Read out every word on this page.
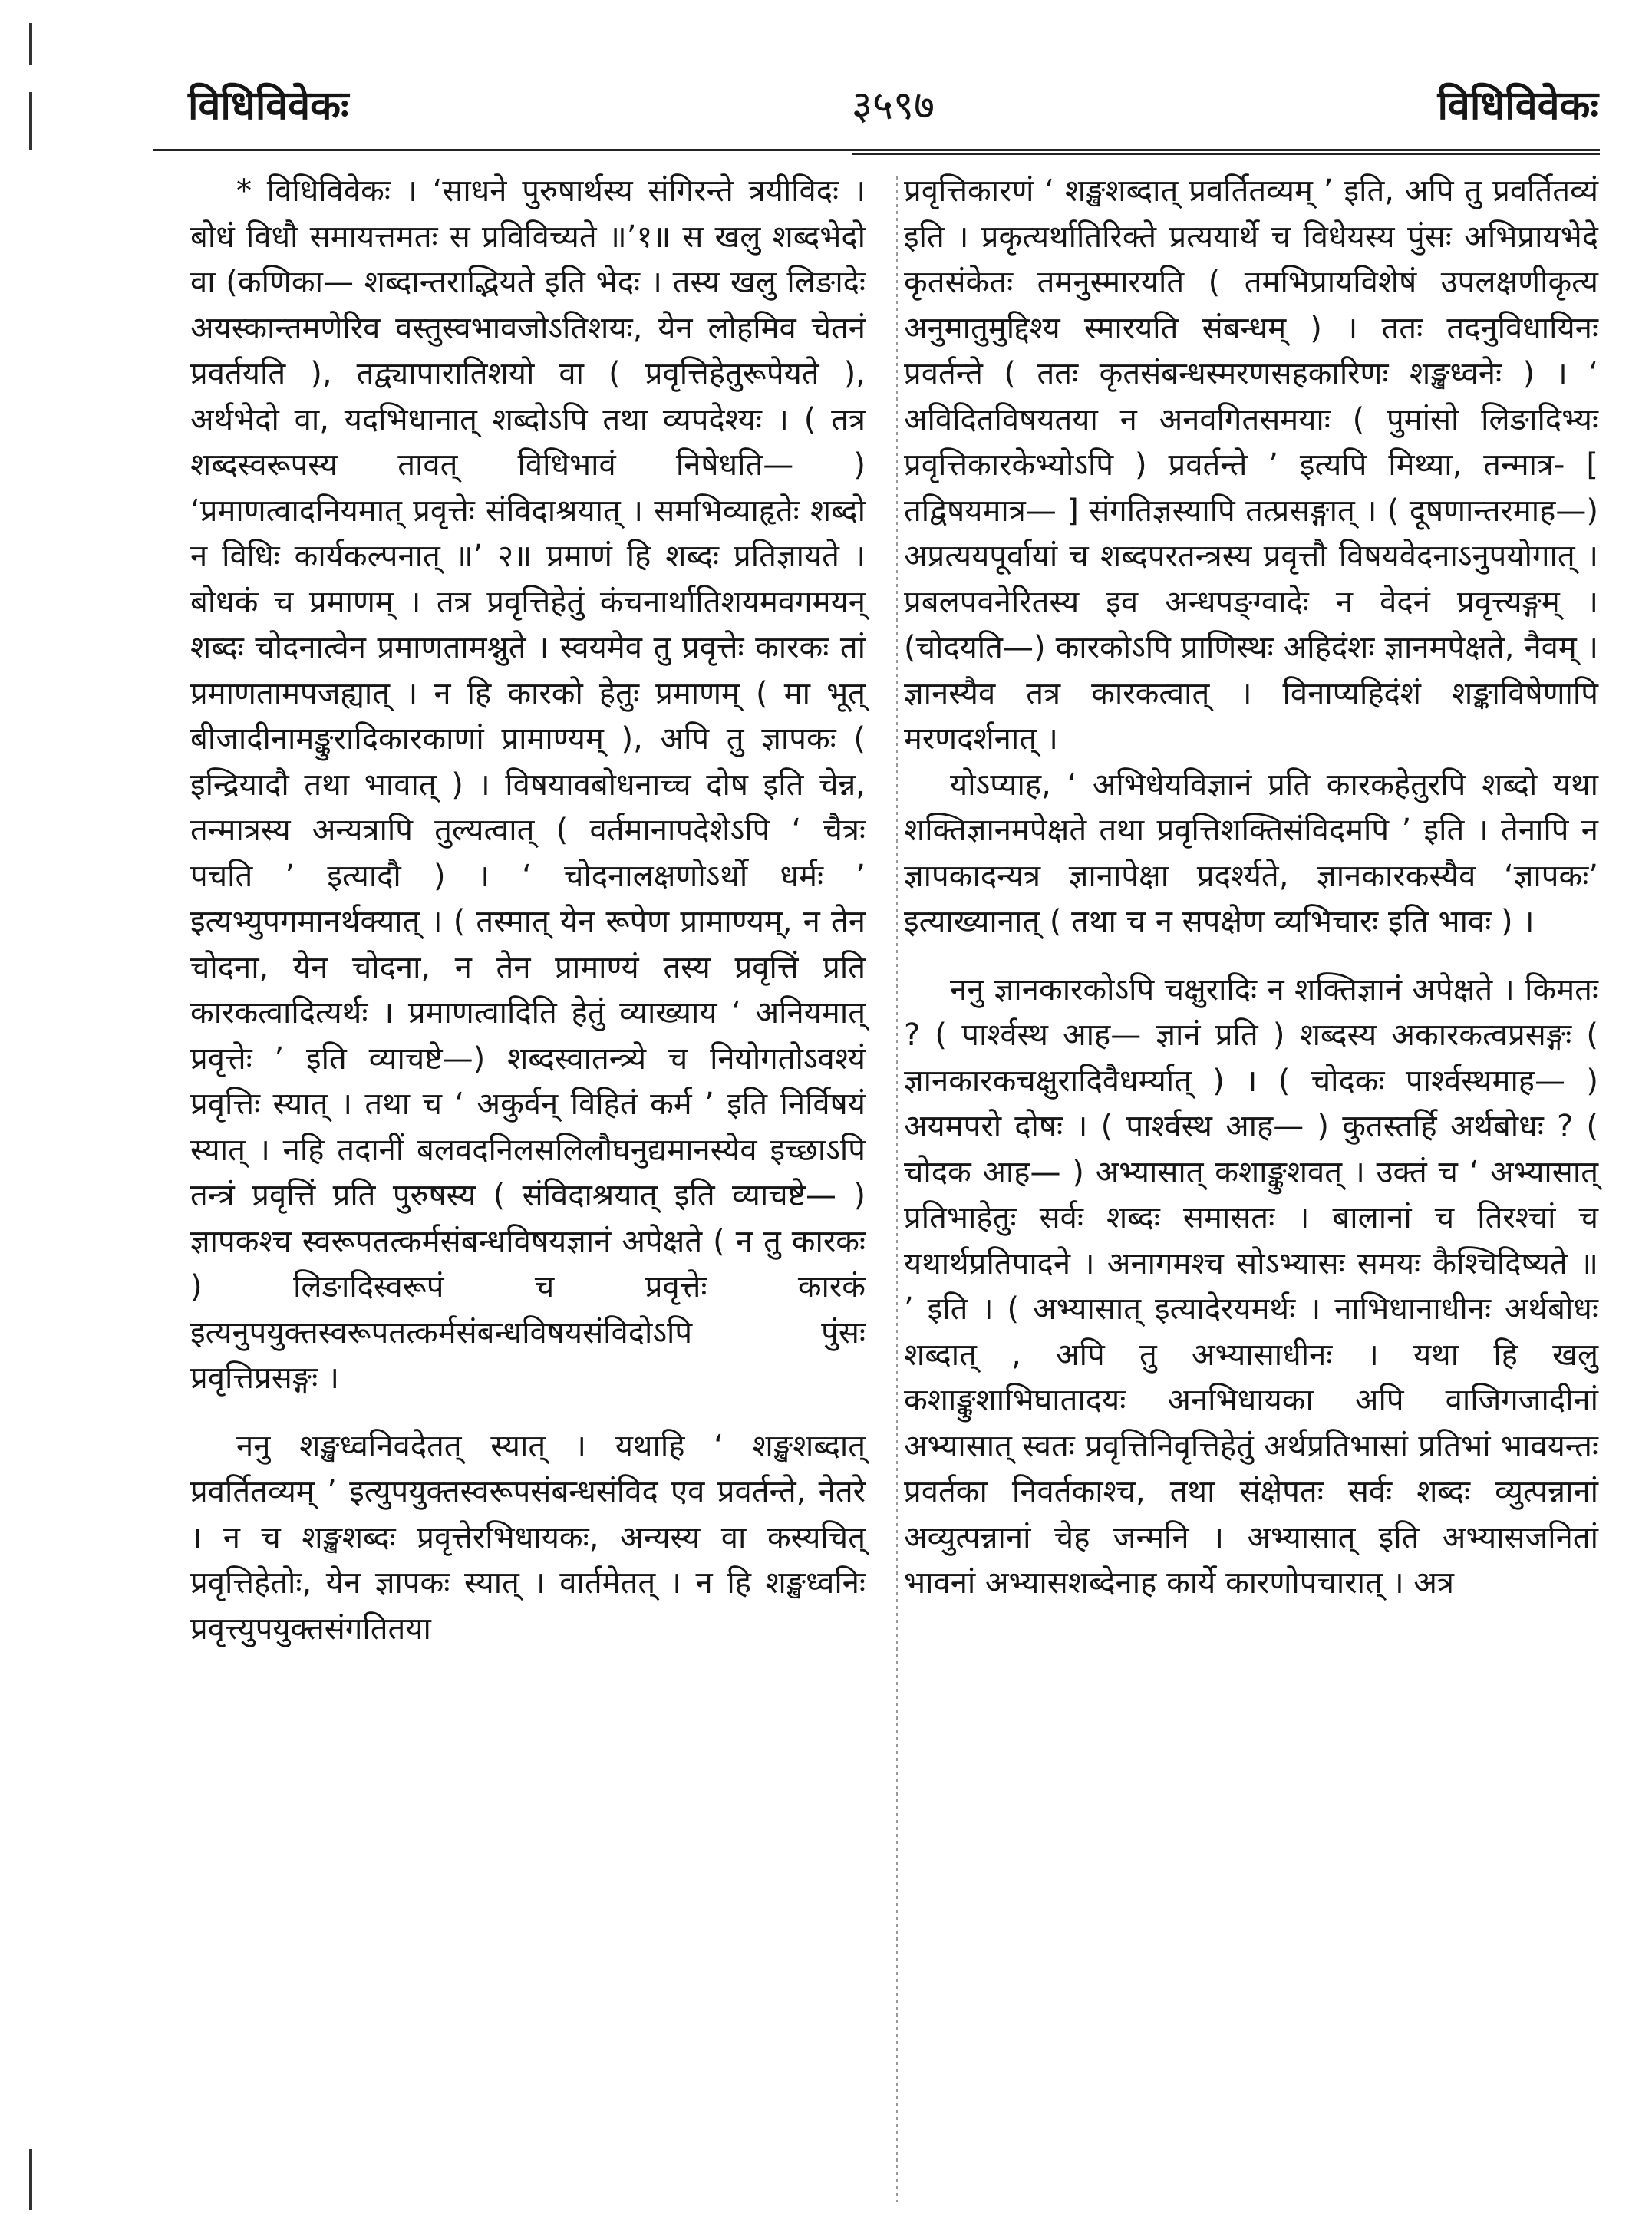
३५९७
विधिविवेकः	विधिविवेकः

* विधिविवेकः । ‘साधने पुरुषार्थस्य संगिरन्ते त्रयीविदः । बोधं विधौ समायत्तमतः स प्रविविच्यते ॥’१॥ स खलु शब्दभेदो वा (कणिका— शब्दान्तराद्भियते इति भेदः । तस्य खलु लिङादेः अयस्कान्तमणेरिव वस्तुस्वभावजोऽतिशयः, येन लोहमिव चेतनं प्रवर्तयति ), तद्व्यापारातिशयो वा ( प्रवृत्तिहेतुरूपेयते ), अर्थभेदो वा, यदभिधानात् शब्दोऽपि तथा व्यपदेश्यः । ( तत्र शब्दस्वरूपस्य तावत् विधिभावं निषेधति— ) ‘प्रमाणत्वादनियमात् प्रवृत्तेः संविदाश्रयात् । समभिव्याहृतेः शब्दो न विधिः कार्यकल्पनात् ॥’ २॥ प्रमाणं हि शब्दः प्रतिज्ञायते । बोधकं च प्रमाणम् । तत्र प्रवृत्तिहेतुं कंचनार्थातिशयमवगमयन् शब्दः चोदनात्वेन प्रमाणतामश्नुते । स्वयमेव तु प्रवृत्तेः कारकः तां प्रमाणतामपजह्यात् । न हि कारको हेतुः प्रमाणम् ( मा भूत् बीजादीनामङ्कुरादिकारकाणां प्रामाण्यम् ), अपि तु ज्ञापकः ( इन्द्रियादौ तथा भावात् ) । विषयावबोधनाच्च दोष इति चेन्न, तन्मात्रस्य अन्यत्रापि तुल्यत्वात् ( वर्तमानापदेशेऽपि ‘ चैत्रः पचति ’ इत्यादौ ) । ‘ चोदनालक्षणोऽर्थो धर्मः ’ इत्यभ्युपगमानर्थक्यात् । ( तस्मात् येन रूपेण प्रामाण्यम्, न तेन चोदना, येन चोदना, न तेन प्रामाण्यं तस्य प्रवृत्तिं प्रति कारकत्वादित्यर्थः । प्रमाणत्वादिति हेतुं व्याख्याय ‘ अनियमात् प्रवृत्तेः ’ इति व्याचष्टे—) शब्दस्वातन्त्र्ये च नियोगतोऽवश्यं प्रवृत्तिः स्यात् । तथा च ‘ अकुर्वन् विहितं कर्म ’ इति निर्विषयं स्यात् । नहि तदानीं बलवदनिलसलिलौघनुद्यमानस्येव इच्छाऽपि तन्त्रं प्रवृत्तिं प्रति पुरुषस्य ( संविदाश्रयात् इति व्याचष्टे— ) ज्ञापकश्च स्वरूपतत्कर्मसंबन्धविषयज्ञानं अपेक्षते ( न तु कारकः ) लिङादिस्वरूपं च प्रवृत्तेः कारकं इत्यनुपयुक्तस्वरूपतत्कर्मसंबन्धविषयसंविदोऽपि पुंसः प्रवृत्तिप्रसङ्गः ।

ननु शङ्खध्वनिवदेतत् स्यात् । यथाहि ‘ शङ्खशब्दात् प्रवर्तितव्यम् ’ इत्युपयुक्तस्वरूपसंबन्धसंविद एव प्रवर्तन्ते, नेतरे । न च शङ्खशब्दः प्रवृत्तेरभिधायकः, अन्यस्य वा कस्यचित् प्रवृत्तिहेतोः, येन ज्ञापकः स्यात् । वार्तमेतत् । न हि शङ्खध्वनिः प्रवृत्त्युपयुक्तसंगतितया

प्रवृत्तिकारणं ‘ शङ्खशब्दात् प्रवर्तितव्यम् ’ इति, अपि तु प्रवर्तितव्यं इति । प्रकृत्यर्थातिरिक्ते प्रत्ययार्थे च विधेयस्य पुंसः अभिप्रायभेदे कृतसंकेतः तमनुस्मारयति ( तमभिप्रायविशेषं उपलक्षणीकृत्य अनुमातुमुद्दिश्य स्मारयति संबन्धम् ) । ततः तदनुविधायिनः प्रवर्तन्ते ( ततः कृतसंबन्धस्मरणसहकारिणः शङ्खध्वनेः ) । ‘ अविदितविषयतया न अनवगितसमयाः ( पुमांसो लिङादिभ्यः प्रवृत्तिकारकेभ्योऽपि ) प्रवर्तन्ते ’ इत्यपि मिथ्या, तन्मात्र- [ तद्विषयमात्र— ] संगतिज्ञस्यापि तत्प्रसङ्गात् । ( दूषणान्तरमाह—) अप्रत्ययपूर्वायां च शब्दपरतन्त्रस्य प्रवृत्तौ विषयवेदनाऽनुपयोगात् । प्रबलपवनेरितस्य इव अन्धपङ्ग्वादेः न वेदनं प्रवृत्त्यङ्गम् । (चोदयति—) कारकोऽपि प्राणिस्थः अहिदंशः ज्ञानमपेक्षते, नैवम् । ज्ञानस्यैव तत्र कारकत्वात् । विनाप्यहिदंशं शङ्काविषेणापि मरणदर्शनात् ।

योऽप्याह, ‘ अभिधेयविज्ञानं प्रति कारकहेतुरपि शब्दो यथा शक्तिज्ञानमपेक्षते तथा प्रवृत्तिशक्तिसंविदमपि ’ इति । तेनापि न ज्ञापकादन्यत्र ज्ञानापेक्षा प्रदर्श्यते, ज्ञानकारकस्यैव ‘ज्ञापकः’ इत्याख्यानात् ( तथा च न सपक्षेण व्यभिचारः इति भावः ) ।

ननु ज्ञानकारकोऽपि चक्षुरादिः न शक्तिज्ञानं अपेक्षते । किमतः ? ( पार्श्वस्थ आह— ज्ञानं प्रति ) शब्दस्य अकारकत्वप्रसङ्गः ( ज्ञानकारकचक्षुरादिवैधर्म्यात् ) । ( चोदकः पार्श्वस्थमाह— ) अयमपरो दोषः । ( पार्श्वस्थ आह— ) कुतस्तर्हि अर्थबोधः ? ( चोदक आह— ) अभ्यासात् कशाङ्कुशवत् । उक्तं च ‘ अभ्यासात् प्रतिभाहेतुः सर्वः शब्दः समासतः । बालानां च तिरश्चां च यथार्थप्रतिपादने । अनागमश्च सोऽभ्यासः समयः कैश्चिदिष्यते ॥ ’ इति । ( अभ्यासात् इत्यादेरयमर्थः । नाभिधानाधीनः अर्थबोधः शब्दात् , अपि तु अभ्यासाधीनः । यथा हि खलु कशाङ्कुशाभिघातादयः अनभिधायका अपि वाजिगजादीनां अभ्यासात् स्वतः प्रवृत्तिनिवृत्तिहेतुं अर्थप्रतिभासां प्रतिभां भावयन्तः प्रवर्तका निवर्तकाश्च, तथा संक्षेपतः सर्वः शब्दः व्युत्पन्नानां अव्युत्पन्नानां चेह जन्मनि । अभ्यासात् इति अभ्यासजनितां भावनां अभ्यासशब्देनाह कार्ये कारणोपचारात् । अत्र
